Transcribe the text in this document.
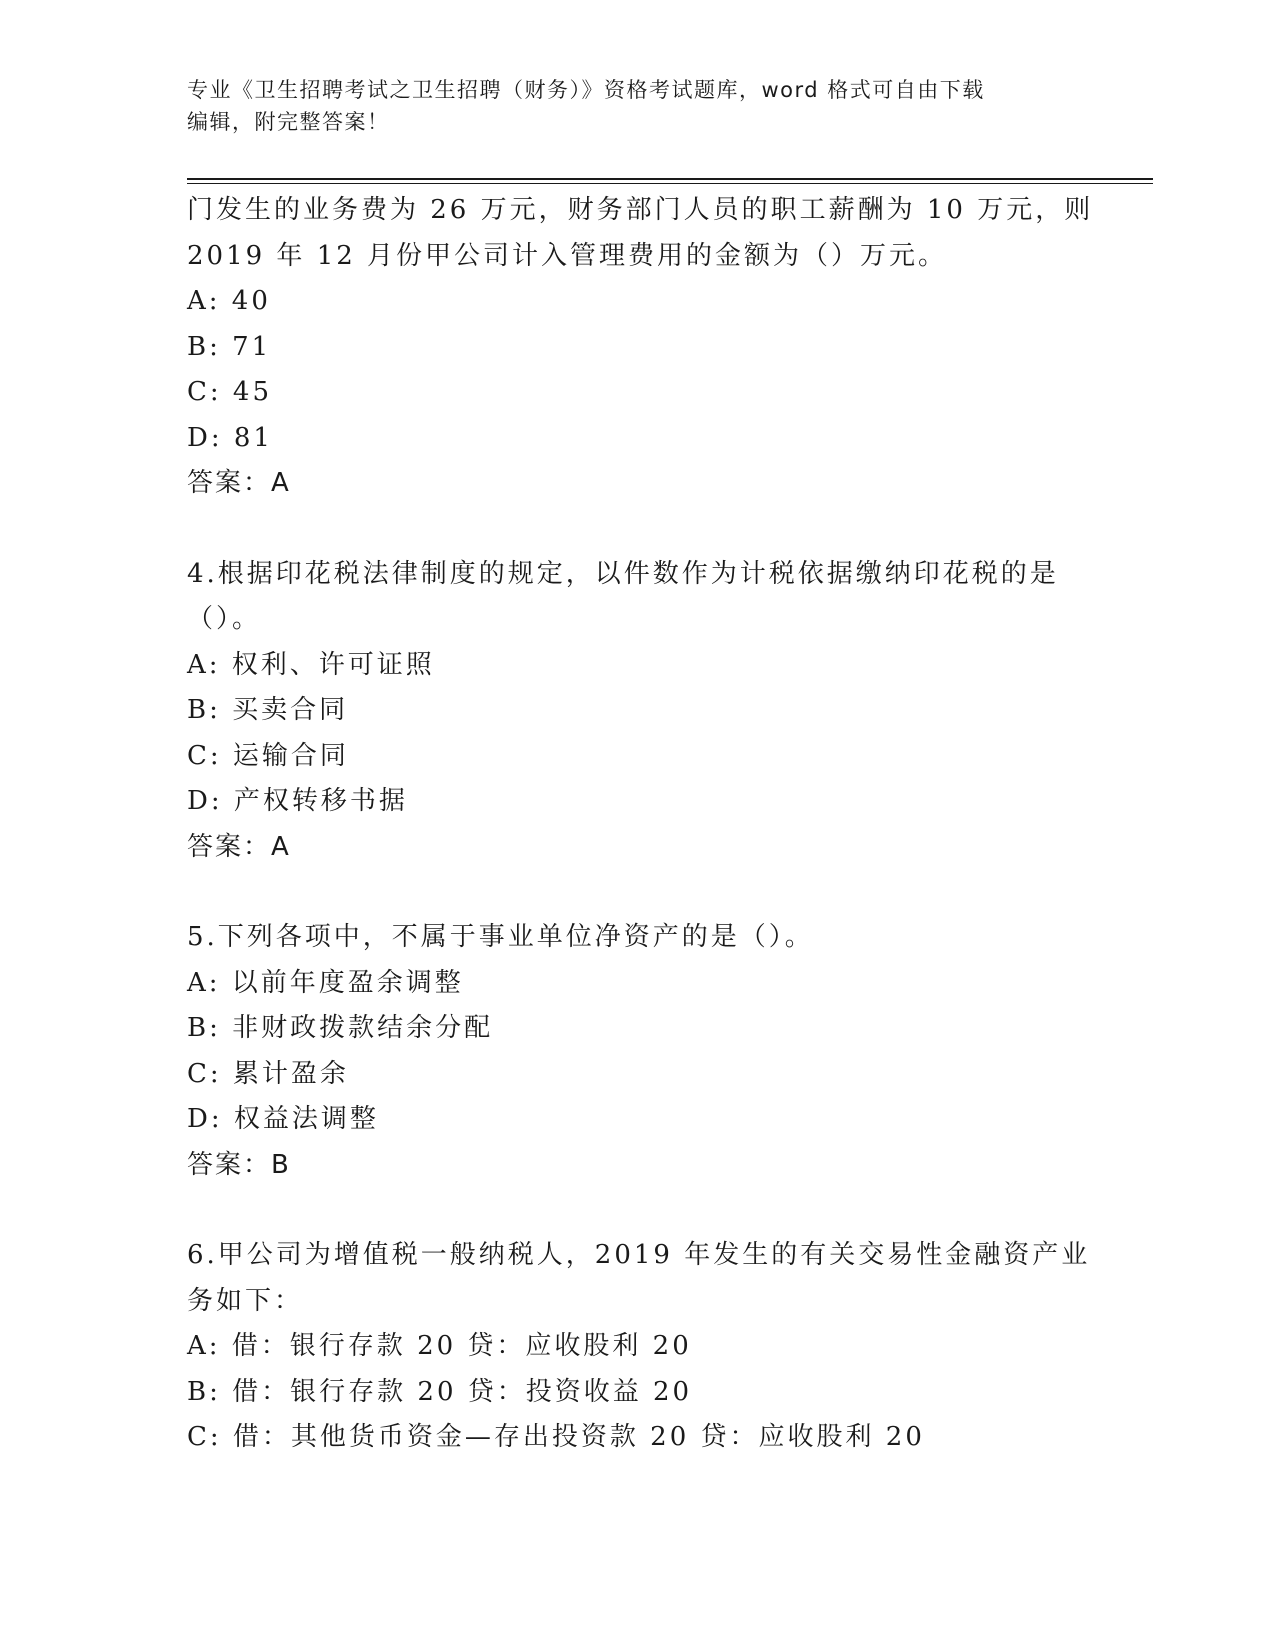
专业《卫生招聘考试之卫生招聘（财务）》资格考试题库，word 格式可自由下载
编辑，附完整答案！
门发生的业务费为 26 万元，财务部门人员的职工薪酬为 10 万元，则
2019 年 12 月份甲公司计入管理费用的金额为（）万元。
A: 40
B: 71
C: 45
D: 81
答案：A
4.根据印花税法律制度的规定，以件数作为计税依据缴纳印花税的是
（）。
A: 权利、许可证照
B: 买卖合同
C: 运输合同
D: 产权转移书据
答案：A
5.下列各项中，不属于事业单位净资产的是（）。
A: 以前年度盈余调整
B: 非财政拨款结余分配
C: 累计盈余
D: 权益法调整
答案：B
6.甲公司为增值税一般纳税人，2019 年发生的有关交易性金融资产业
务如下：
A: 借：银行存款 20 贷：应收股利 20
B: 借：银行存款 20 贷：投资收益 20
C: 借：其他货币资金—存出投资款 20 贷：应收股利 20
